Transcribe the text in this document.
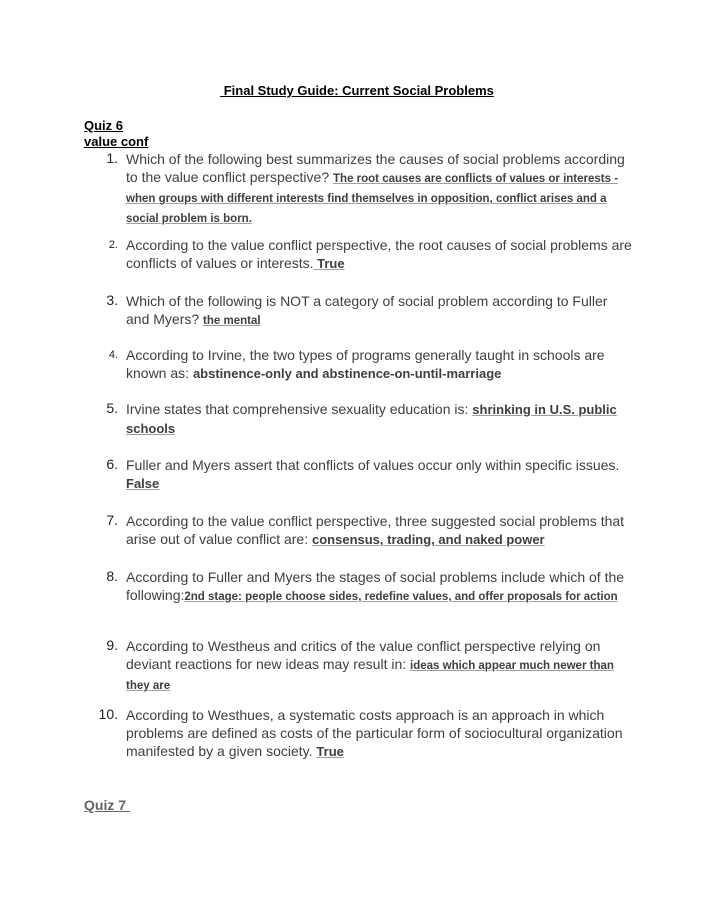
Final Study Guide: Current Social Problems
Quiz 6
value conf
1. Which of the following best summarizes the causes of social problems according to the value conflict perspective? The root causes are conflicts of values or interests - when groups with different interests find themselves in opposition, conflict arises and a social problem is born.
2. According to the value conflict perspective, the root causes of social problems are conflicts of values or interests. True
3. Which of the following is NOT a category of social problem according to Fuller and Myers? the mental
4. According to Irvine, the two types of programs generally taught in schools are known as: abstinence-only and abstinence-on-until-marriage
5. Irvine states that comprehensive sexuality education is: shrinking in U.S. public schools
6. Fuller and Myers assert that conflicts of values occur only within specific issues. False
7. According to the value conflict perspective, three suggested social problems that arise out of value conflict are: consensus, trading, and naked power
8. According to Fuller and Myers the stages of social problems include which of the following:2nd stage: people choose sides, redefine values, and offer proposals for action
9. According to Westheus and critics of the value conflict perspective relying on deviant reactions for new ideas may result in: ideas which appear much newer than they are
10. According to Westhues, a systematic costs approach is an approach in which problems are defined as costs of the particular form of sociocultural organization manifested by a given society. True
Quiz 7
